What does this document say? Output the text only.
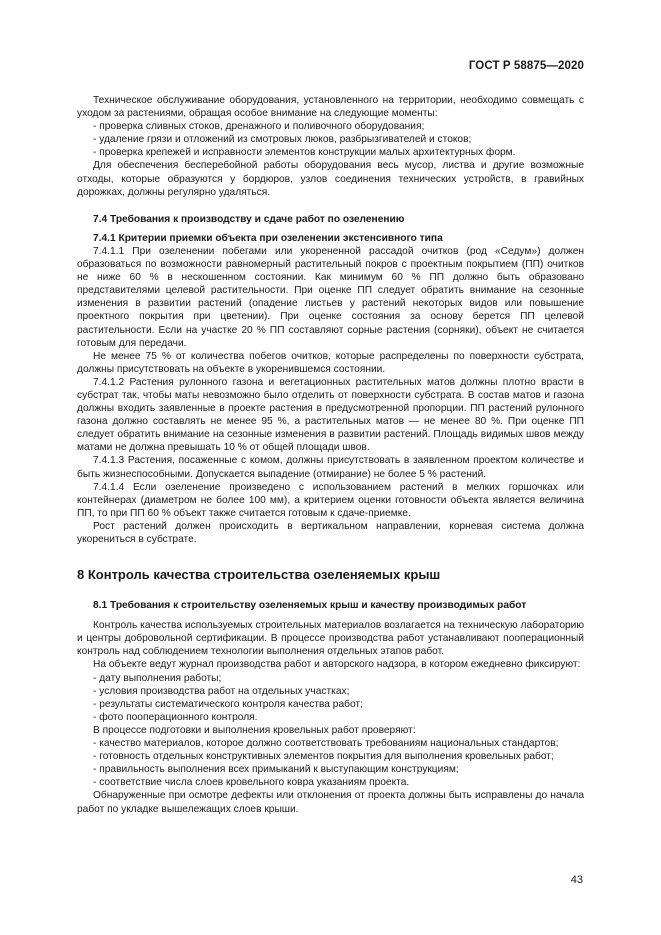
ГОСТ Р 58875—2020

Техническое обслуживание оборудования, установленного на территории, необходимо совмещать с уходом за растениями, обращая особое внимание на следующие моменты:

- проверка сливных стоков, дренажного и поливочного оборудования;

- удаление грязи и отложений из смотровых люков, разбрызгивателей и стоков;

- проверка крепежей и исправности элементов конструкции малых архитектурных форм.

Для обеспечения бесперебойной работы оборудования весь мусор, листва и другие возможные отходы, которые образуются у бордюров, узлов соединения технических устройств, в гравийных дорожках, должны регулярно удаляться.

7.4 Требования к производству и сдаче работ по озеленению

7.4.1 Критерии приемки объекта при озеленении экстенсивного типа

7.4.1.1 При озеленении побегами или укорененной рассадой очитков (род «Седум») должен образоваться по возможности равномерный растительный покров с проектным покрытием (ПП) очитков не ниже 60 % в нескошенном состоянии. Как минимум 60 % ПП должно быть образовано представителями целевой растительности. При оценке ПП следует обратить внимание на сезонные изменения в развитии растений (опадение листьев у растений некоторых видов или повышение проектного покрытия при цветении). При оценке состояния за основу берется ПП целевой растительности. Если на участке 20 % ПП составляют сорные растения (сорняки), объект не считается готовым для передачи.

Не менее 75 % от количества побегов очитков, которые распределены по поверхности субстрата, должны присутствовать на объекте в укоренившемся состоянии.

7.4.1.2 Растения рулонного газона и вегетационных растительных матов должны плотно врасти в субстрат так, чтобы маты невозможно было отделить от поверхности субстрата. В состав матов и газона должны входить заявленные в проекте растения в предусмотренной пропорции. ПП растений рулонного газона должно составлять не менее 95 %, а растительных матов — не менее 80 %. При оценке ПП следует обратить внимание на сезонные изменения в развитии растений. Площадь видимых швов между матами не должна превышать 10 % от общей площади швов.

7.4.1.3 Растения, посаженные с комом, должны присутствовать в заявленном проектом количестве и быть жизнеспособными. Допускается выпадение (отмирание) не более 5 % растений.

7.4.1.4 Если озеленение произведено с использованием растений в мелких горшочках или контейнерах (диаметром не более 100 мм), а критерием оценки готовности объекта является величина ПП, то при ПП 60 % объект также считается готовым к сдаче-приемке.

Рост растений должен происходить в вертикальном направлении, корневая система должна укорениться в субстрате.

8 Контроль качества строительства озеленяемых крыш

8.1 Требования к строительству озеленяемых крыш и качеству производимых работ

Контроль качества используемых строительных материалов возлагается на техническую лабораторию и центры добровольной сертификации. В процессе производства работ устанавливают пооперационный контроль над соблюдением технологии выполнения отдельных этапов работ.

На объекте ведут журнал производства работ и авторского надзора, в котором ежедневно фиксируют:

- дату выполнения работы;

- условия производства работ на отдельных участках;

- результаты систематического контроля качества работ;

- фото пооперационного контроля.

В процессе подготовки и выполнения кровельных работ проверяют:

- качество материалов, которое должно соответствовать требованиям национальных стандартов;

- готовность отдельных конструктивных элементов покрытия для выполнения кровельных работ;

- правильность выполнения всех примыканий к выступающим конструкциям;

- соответствие числа слоев кровельного ковра указаниям проекта.

Обнаруженные при осмотре дефекты или отклонения от проекта должны быть исправлены до начала работ по укладке вышележащих слоев крыши.

43
